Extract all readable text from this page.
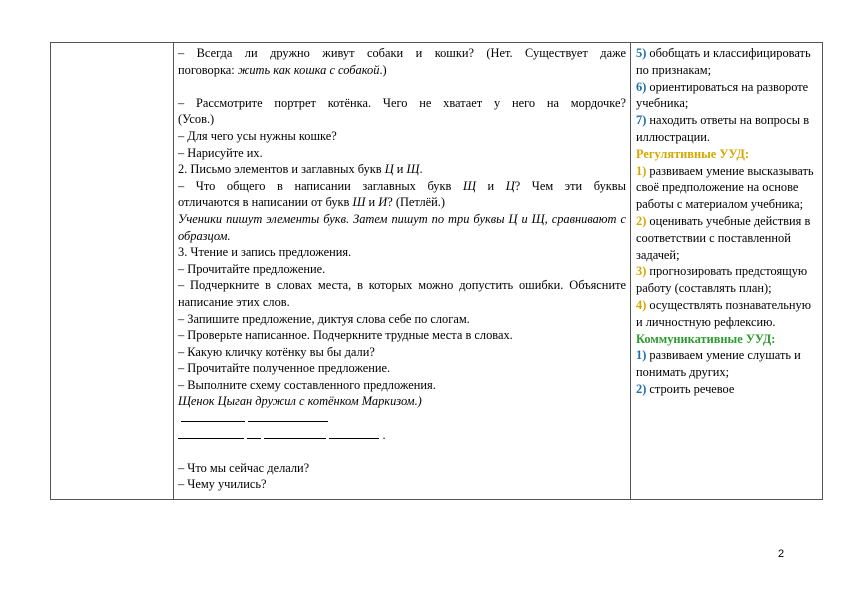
– Всегда ли дружно живут собаки и кошки? (Нет. Существует даже
поговорка: жить как кошка с собакой.)
– Рассмотрите портрет котёнка. Чего не хватает у него на мордочке?
(Усов.)
– Для чего усы нужны кошке?
– Нарисуйте их.
2. Письмо элементов и заглавных букв Ц и Щ.
– Что общего в написании заглавных букв Щ и Ц? Чем эти буквы
отличаются в написании от букв Ш и И? (Петлёй.)
Ученики пишут элементы букв. Затем пишут по три буквы Ц и Щ, сравнивают с образцом.
3. Чтение и запись предложения.
– Прочитайте предложение.
– Подчеркните в словах места, в которых можно допустить ошибки. Объясните написание этих слов.
– Запишите предложение, диктуя слова себе по слогам.
– Проверьте написанное. Подчеркните трудные места в словах.
– Какую кличку котёнку вы бы дали?
– Прочитайте полученное предложение.
– Выполните схему составленного предложения.
Щенок Цыган дружил с котёнком Маркизом.)

.
– Что мы сейчас делали?
– Чему учились?
5) обобщать и классифицировать по признакам;
6) ориентироваться на развороте учебника;
7) находить ответы на вопросы в иллюстрации.
Регулятивные УУД:
1) развиваем умение высказывать своё предположение на основе работы с материалом учебника;
2) оценивать учебные действия в соответствии с поставленной задачей;
3) прогнозировать предстоящую работу (составлять план);
4) осуществлять познавательную и личностную рефлексию.
Коммуникативные УУД:
1) развиваем умение слушать и понимать других;
2) строить речевое
2
